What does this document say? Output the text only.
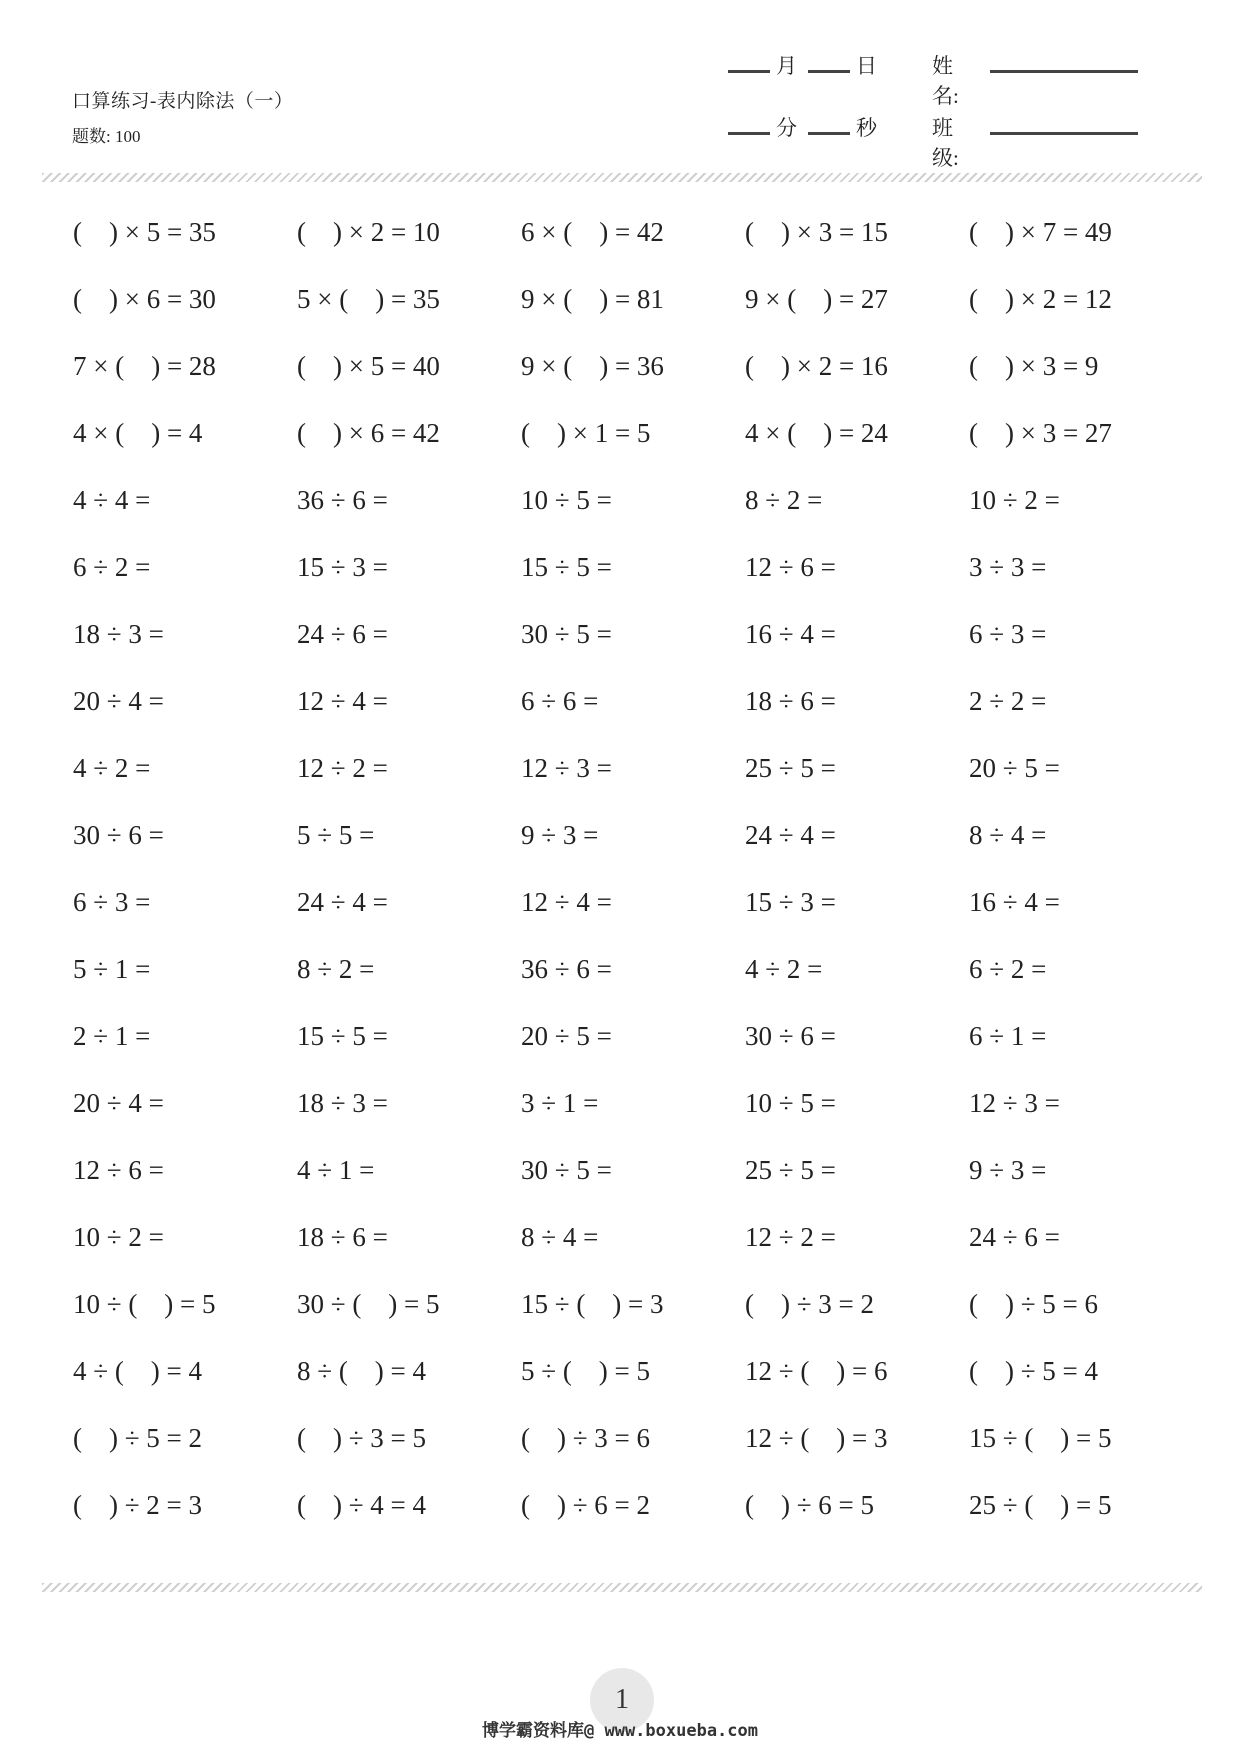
口算练习-表内除法（一）
题数: 100
月	日	姓名:
分	秒	班级:
(    ) × 5 = 35	(    ) × 2 = 10	6 × (    ) = 42	(    ) × 3 = 15	(    ) × 7 = 49
(    ) × 6 = 30	5 × (    ) = 35	9 × (    ) = 81	9 × (    ) = 27	(    ) × 2 = 12
7 × (    ) = 28	(    ) × 5 = 40	9 × (    ) = 36	(    ) × 2 = 16	(    ) × 3 = 9
4 × (    ) = 4	(    ) × 6 = 42	(    ) × 1 = 5	4 × (    ) = 24	(    ) × 3 = 27
4 ÷ 4 =	36 ÷ 6 =	10 ÷ 5 =	8 ÷ 2 =	10 ÷ 2 =
6 ÷ 2 =	15 ÷ 3 =	15 ÷ 5 =	12 ÷ 6 =	3 ÷ 3 =
18 ÷ 3 =	24 ÷ 6 =	30 ÷ 5 =	16 ÷ 4 =	6 ÷ 3 =
20 ÷ 4 =	12 ÷ 4 =	6 ÷ 6 =	18 ÷ 6 =	2 ÷ 2 =
4 ÷ 2 =	12 ÷ 2 =	12 ÷ 3 =	25 ÷ 5 =	20 ÷ 5 =
30 ÷ 6 =	5 ÷ 5 =	9 ÷ 3 =	24 ÷ 4 =	8 ÷ 4 =
6 ÷ 3 =	24 ÷ 4 =	12 ÷ 4 =	15 ÷ 3 =	16 ÷ 4 =
5 ÷ 1 =	8 ÷ 2 =	36 ÷ 6 =	4 ÷ 2 =	6 ÷ 2 =
2 ÷ 1 =	15 ÷ 5 =	20 ÷ 5 =	30 ÷ 6 =	6 ÷ 1 =
20 ÷ 4 =	18 ÷ 3 =	3 ÷ 1 =	10 ÷ 5 =	12 ÷ 3 =
12 ÷ 6 =	4 ÷ 1 =	30 ÷ 5 =	25 ÷ 5 =	9 ÷ 3 =
10 ÷ 2 =	18 ÷ 6 =	8 ÷ 4 =	12 ÷ 2 =	24 ÷ 6 =
10 ÷ (    ) = 5	30 ÷ (    ) = 5	15 ÷ (    ) = 3	(    ) ÷ 3 = 2	(    ) ÷ 5 = 6
4 ÷ (    ) = 4	8 ÷ (    ) = 4	5 ÷ (    ) = 5	12 ÷ (    ) = 6	(    ) ÷ 5 = 4
(    ) ÷ 5 = 2	(    ) ÷ 3 = 5	(    ) ÷ 3 = 6	12 ÷ (    ) = 3	15 ÷ (    ) = 5
(    ) ÷ 2 = 3	(    ) ÷ 4 = 4	(    ) ÷ 6 = 2	(    ) ÷ 6 = 5	25 ÷ (    ) = 5
1
博学霸资料库@ www.boxueba.com
